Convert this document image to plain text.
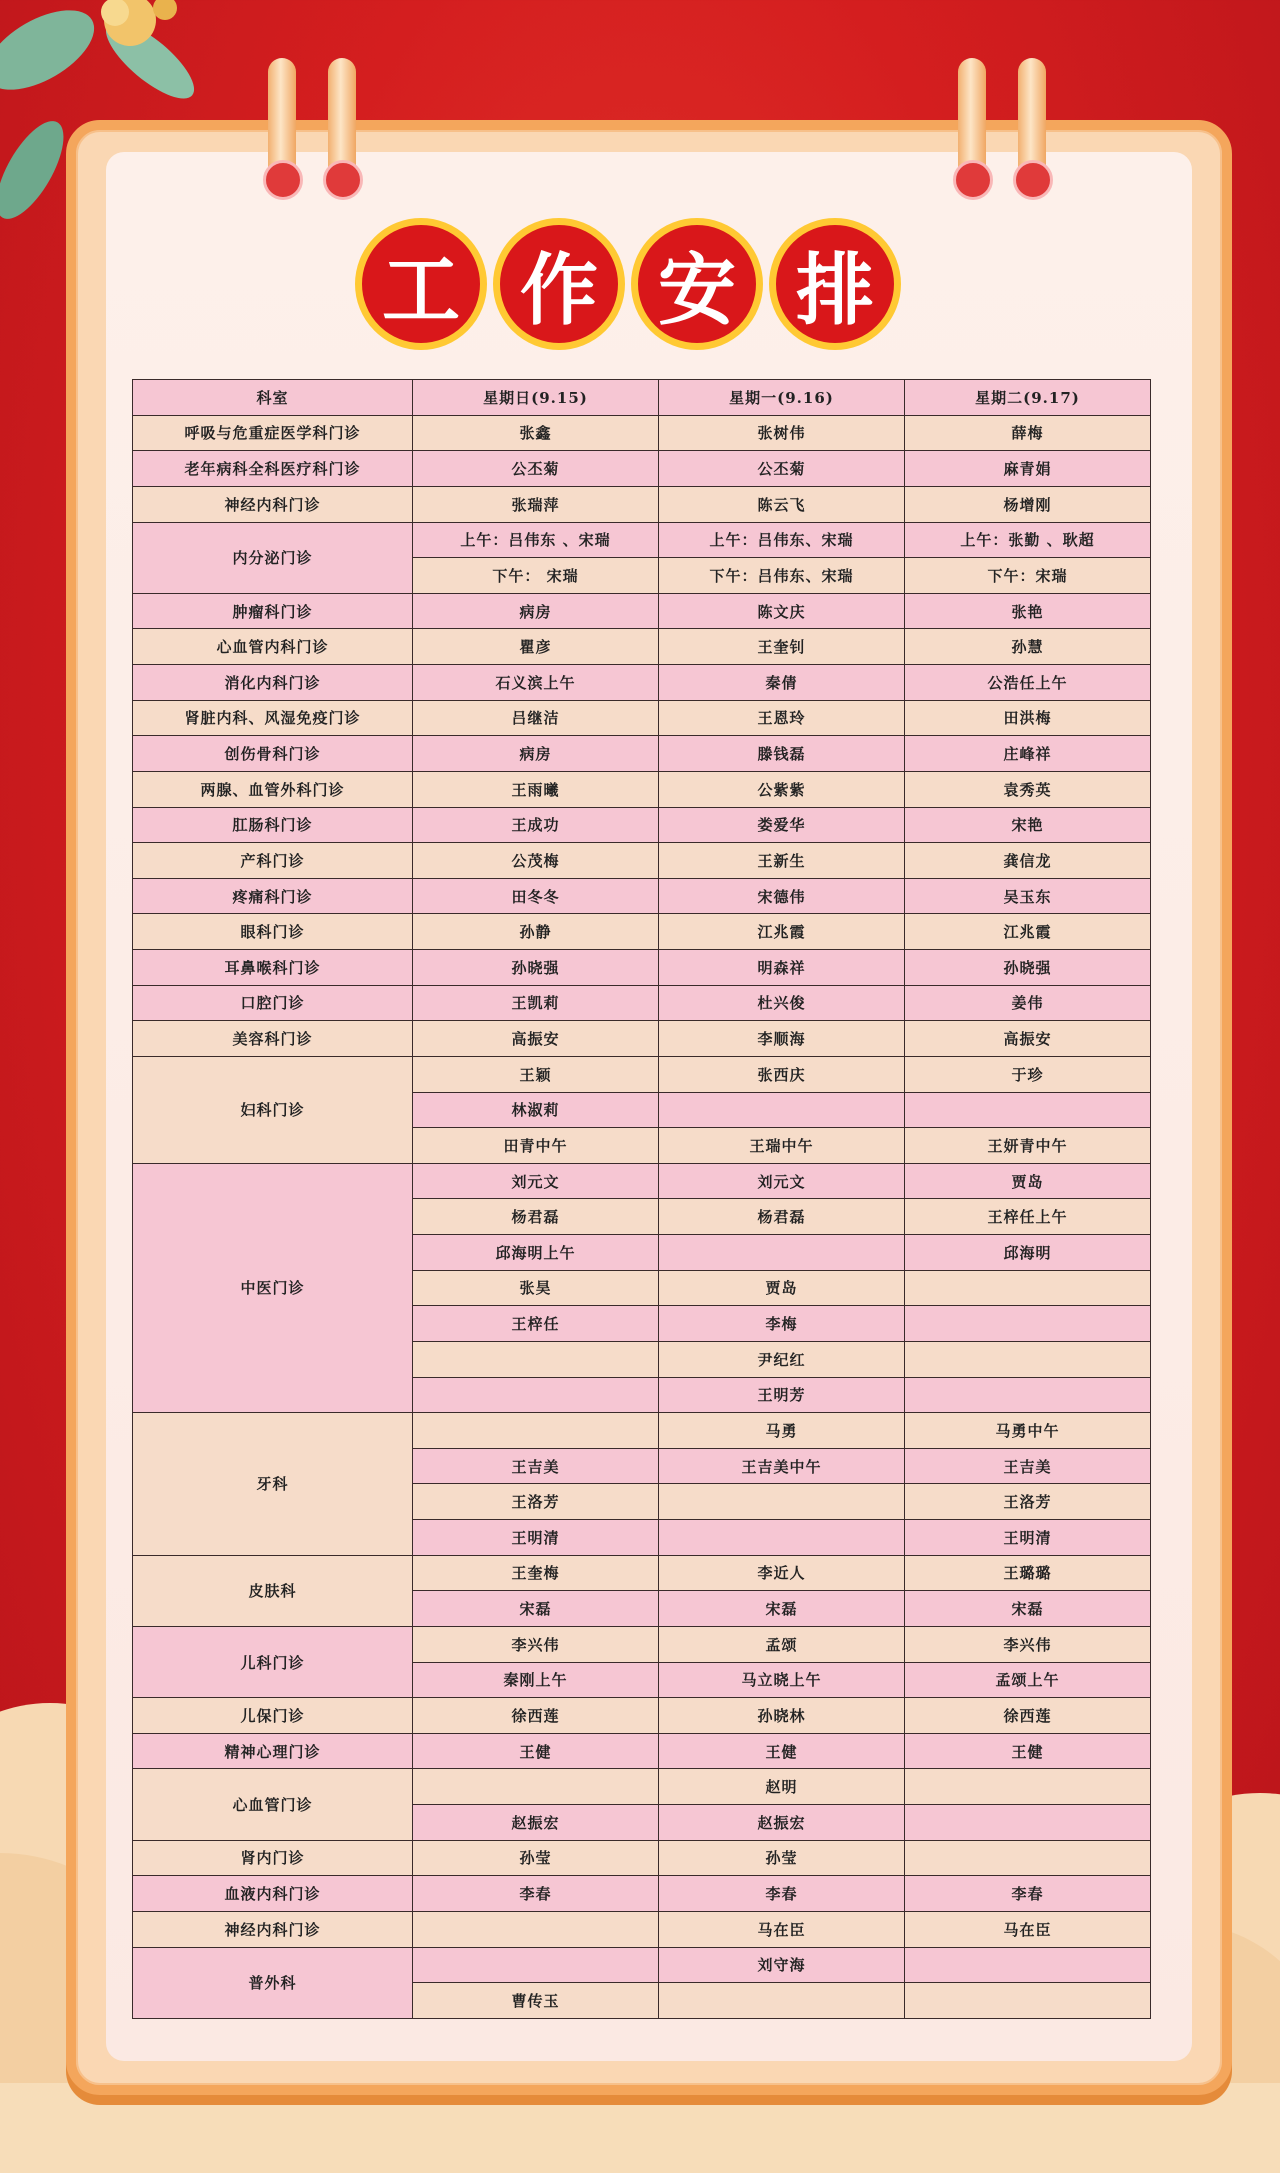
工 作 安 排
科室	星期日(9.15)	星期一(9.16)	星期二(9.17)
呼吸与危重症医学科门诊	张鑫	张树伟	薛梅
老年病科全科医疗科门诊	公丕菊	公丕菊	麻青娟
神经内科门诊	张瑞萍	陈云飞	杨增刚
内分泌门诊	上午：吕伟东 、宋瑞	上午：吕伟东、宋瑞	上午：张勤 、耿超
	下午： 宋瑞	下午：吕伟东、宋瑞	下午：宋瑞
肿瘤科门诊	病房	陈文庆	张艳
心血管内科门诊	瞿彦	王奎钊	孙慧
消化内科门诊	石义滨上午	秦倩	公浩任上午
肾脏内科、风湿免疫门诊	吕继洁	王恩玲	田洪梅
创伤骨科门诊	病房	滕钱磊	庄峰祥
两腺、血管外科门诊	王雨曦	公紫紫	袁秀英
肛肠科门诊	王成功	娄爱华	宋艳
产科门诊	公茂梅	王新生	龚信龙
疼痛科门诊	田冬冬	宋德伟	吴玉东
眼科门诊	孙静	江兆霞	江兆霞
耳鼻喉科门诊	孙晓强	明森祥	孙晓强
口腔门诊	王凯莉	杜兴俊	姜伟
美容科门诊	高振安	李顺海	高振安
妇科门诊	王颖	张西庆	于珍
	林淑莉		
	田青中午	王瑞中午	王妍青中午
中医门诊	刘元文	刘元文	贾岛
	杨君磊	杨君磊	王梓任上午
	邱海明上午		邱海明
	张昊	贾岛	
	王梓任	李梅	
		尹纪红	
		王明芳	
牙科		马勇	马勇中午
	王吉美	王吉美中午	王吉美
	王洛芳		王洛芳
	王明清		王明清
皮肤科	王奎梅	李近人	王璐璐
	宋磊	宋磊	宋磊
儿科门诊	李兴伟	孟颂	李兴伟
	秦刚上午	马立晓上午	孟颂上午
儿保门诊	徐西莲	孙晓林	徐西莲
精神心理门诊	王健	王健	王健
心血管门诊		赵明	
	赵振宏	赵振宏	
肾内门诊	孙莹	孙莹	
血液内科门诊	李春	李春	李春
神经内科门诊		马在臣	马在臣
普外科		刘守海	
	曹传玉		
